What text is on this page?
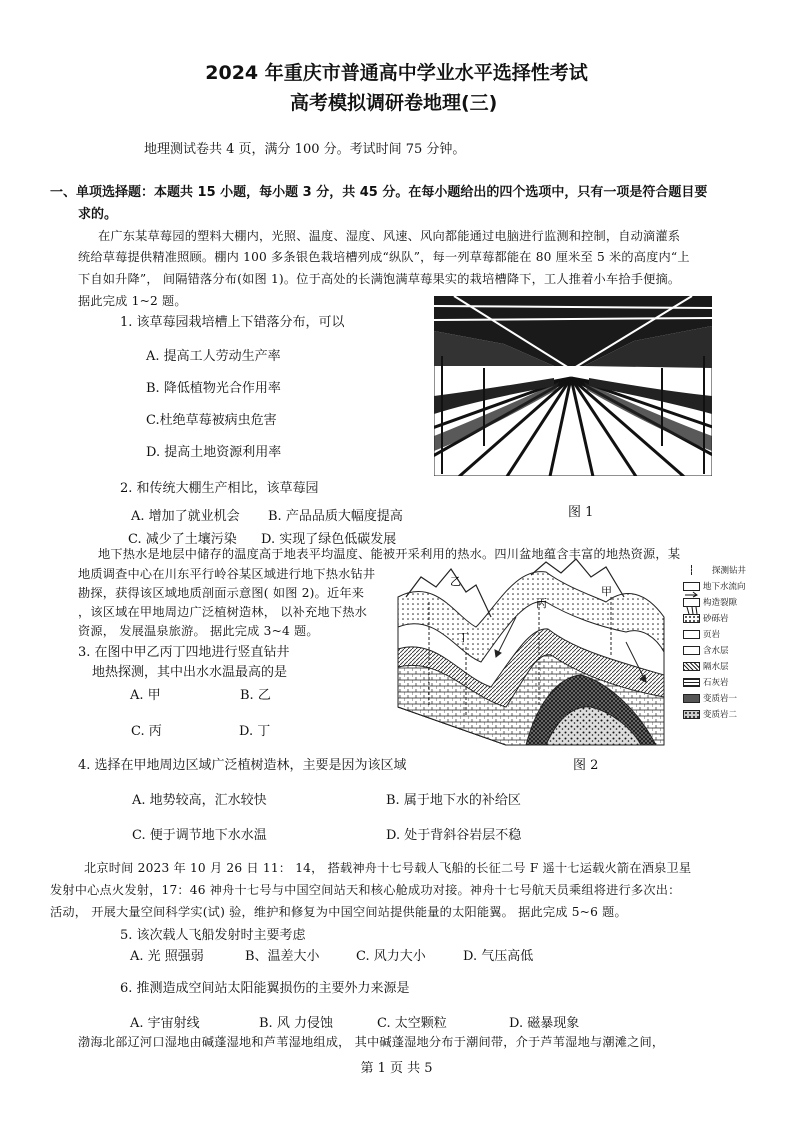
2024 年重庆市普通高中学业水平选择性考试
高考模拟调研卷地理(三)
地理测试卷共 4 页，满分 100 分。考试时间 75 分钟。
一、单项选择题：本题共 15 小题，每小题 3 分，共 45 分。在每小题给出的四个选项中，只有一项是符合题目要
求的。
在广东某草莓园的塑料大棚内，光照、温度、湿度、风速、风向都能通过电脑进行监测和控制，自动滴灌系
统给草莓提供精准照顾。棚内 100 多条银色栽培槽列成“纵队”，每一列草莓都能在 80 厘米至 5 米的高度内“上
下自如升降”， 间隔错落分布(如图 1)。位于高处的长满饱满草莓果实的栽培槽降下，工人推着小车拾手便摘。
据此完成 1~2 题。
1. 该草莓园栽培槽上下错落分布，可以
A. 提高工人劳动生产率
B. 降低植物光合作用率
C.杜绝草莓被病虫危害
D. 提高土地资源利用率
2. 和传统大棚生产相比，该草莓园
A. 增加了就业机会 B. 产品品质大幅度提高
C. 减少了土壤污染 D. 实现了绿色低碳发展
图 1
地下热水是地层中储存的温度高于地表平均温度、能被开采利用的热水。四川盆地蕴含丰富的地热资源，某
地质调查中心在川东平行岭谷某区域进行地下热水钻井
勘探，获得该区域地质剖面示意图( 如图 2)。近年来
，该区域在甲地周边广泛植树造林， 以补充地下热水
资源， 发展温泉旅游。 据此完成 3~4 题。
3. 在图中甲乙丙丁四地进行竖直钻井
地热探测，其中出水水温最高的是
A. 甲	B. 乙
C. 丙	D. 丁
乙
丙
甲
丁
探测钻井
地下水流向
构造裂隙
砂砾岩
页岩
含水层
隔水层
石灰岩
变质岩一
变质岩二
图 2
4. 选择在甲地周边区域广泛植树造林，主要是因为该区域
A. 地势较高，汇水较快	B. 属于地下水的补给区
C. 便于调节地下水水温	D. 处于背斜谷岩层不稳
北京时间 2023 年 10 月 26 日 11： 14， 搭载神舟十七号载人飞船的长征二号 F 遥十七运载火箭在酒泉卫星
发射中心点火发射，17：46 神舟十七号与中国空间站天和核心舱成功对接。神舟十七号航天员乘组将进行多次出：
活动， 开展大量空间科学实(试) 验，维护和修复为中国空间站提供能量的太阳能翼。 据此完成 5~6 题。
5. 该次载人飞船发射时主要考虑
A. 光 照强弱	B、温差大小	C. 风力大小	D. 气压高低
6. 推测造成空间站太阳能翼损伤的主要外力来源是
A. 宇宙射线	B. 风 力侵蚀	C. 太空颗粒	D. 磁暴现象
渤海北部辽河口湿地由碱蓬湿地和芦苇湿地组成， 其中碱蓬湿地分布于潮间带，介于芦苇湿地与潮滩之间，
第 1 页 共 5
